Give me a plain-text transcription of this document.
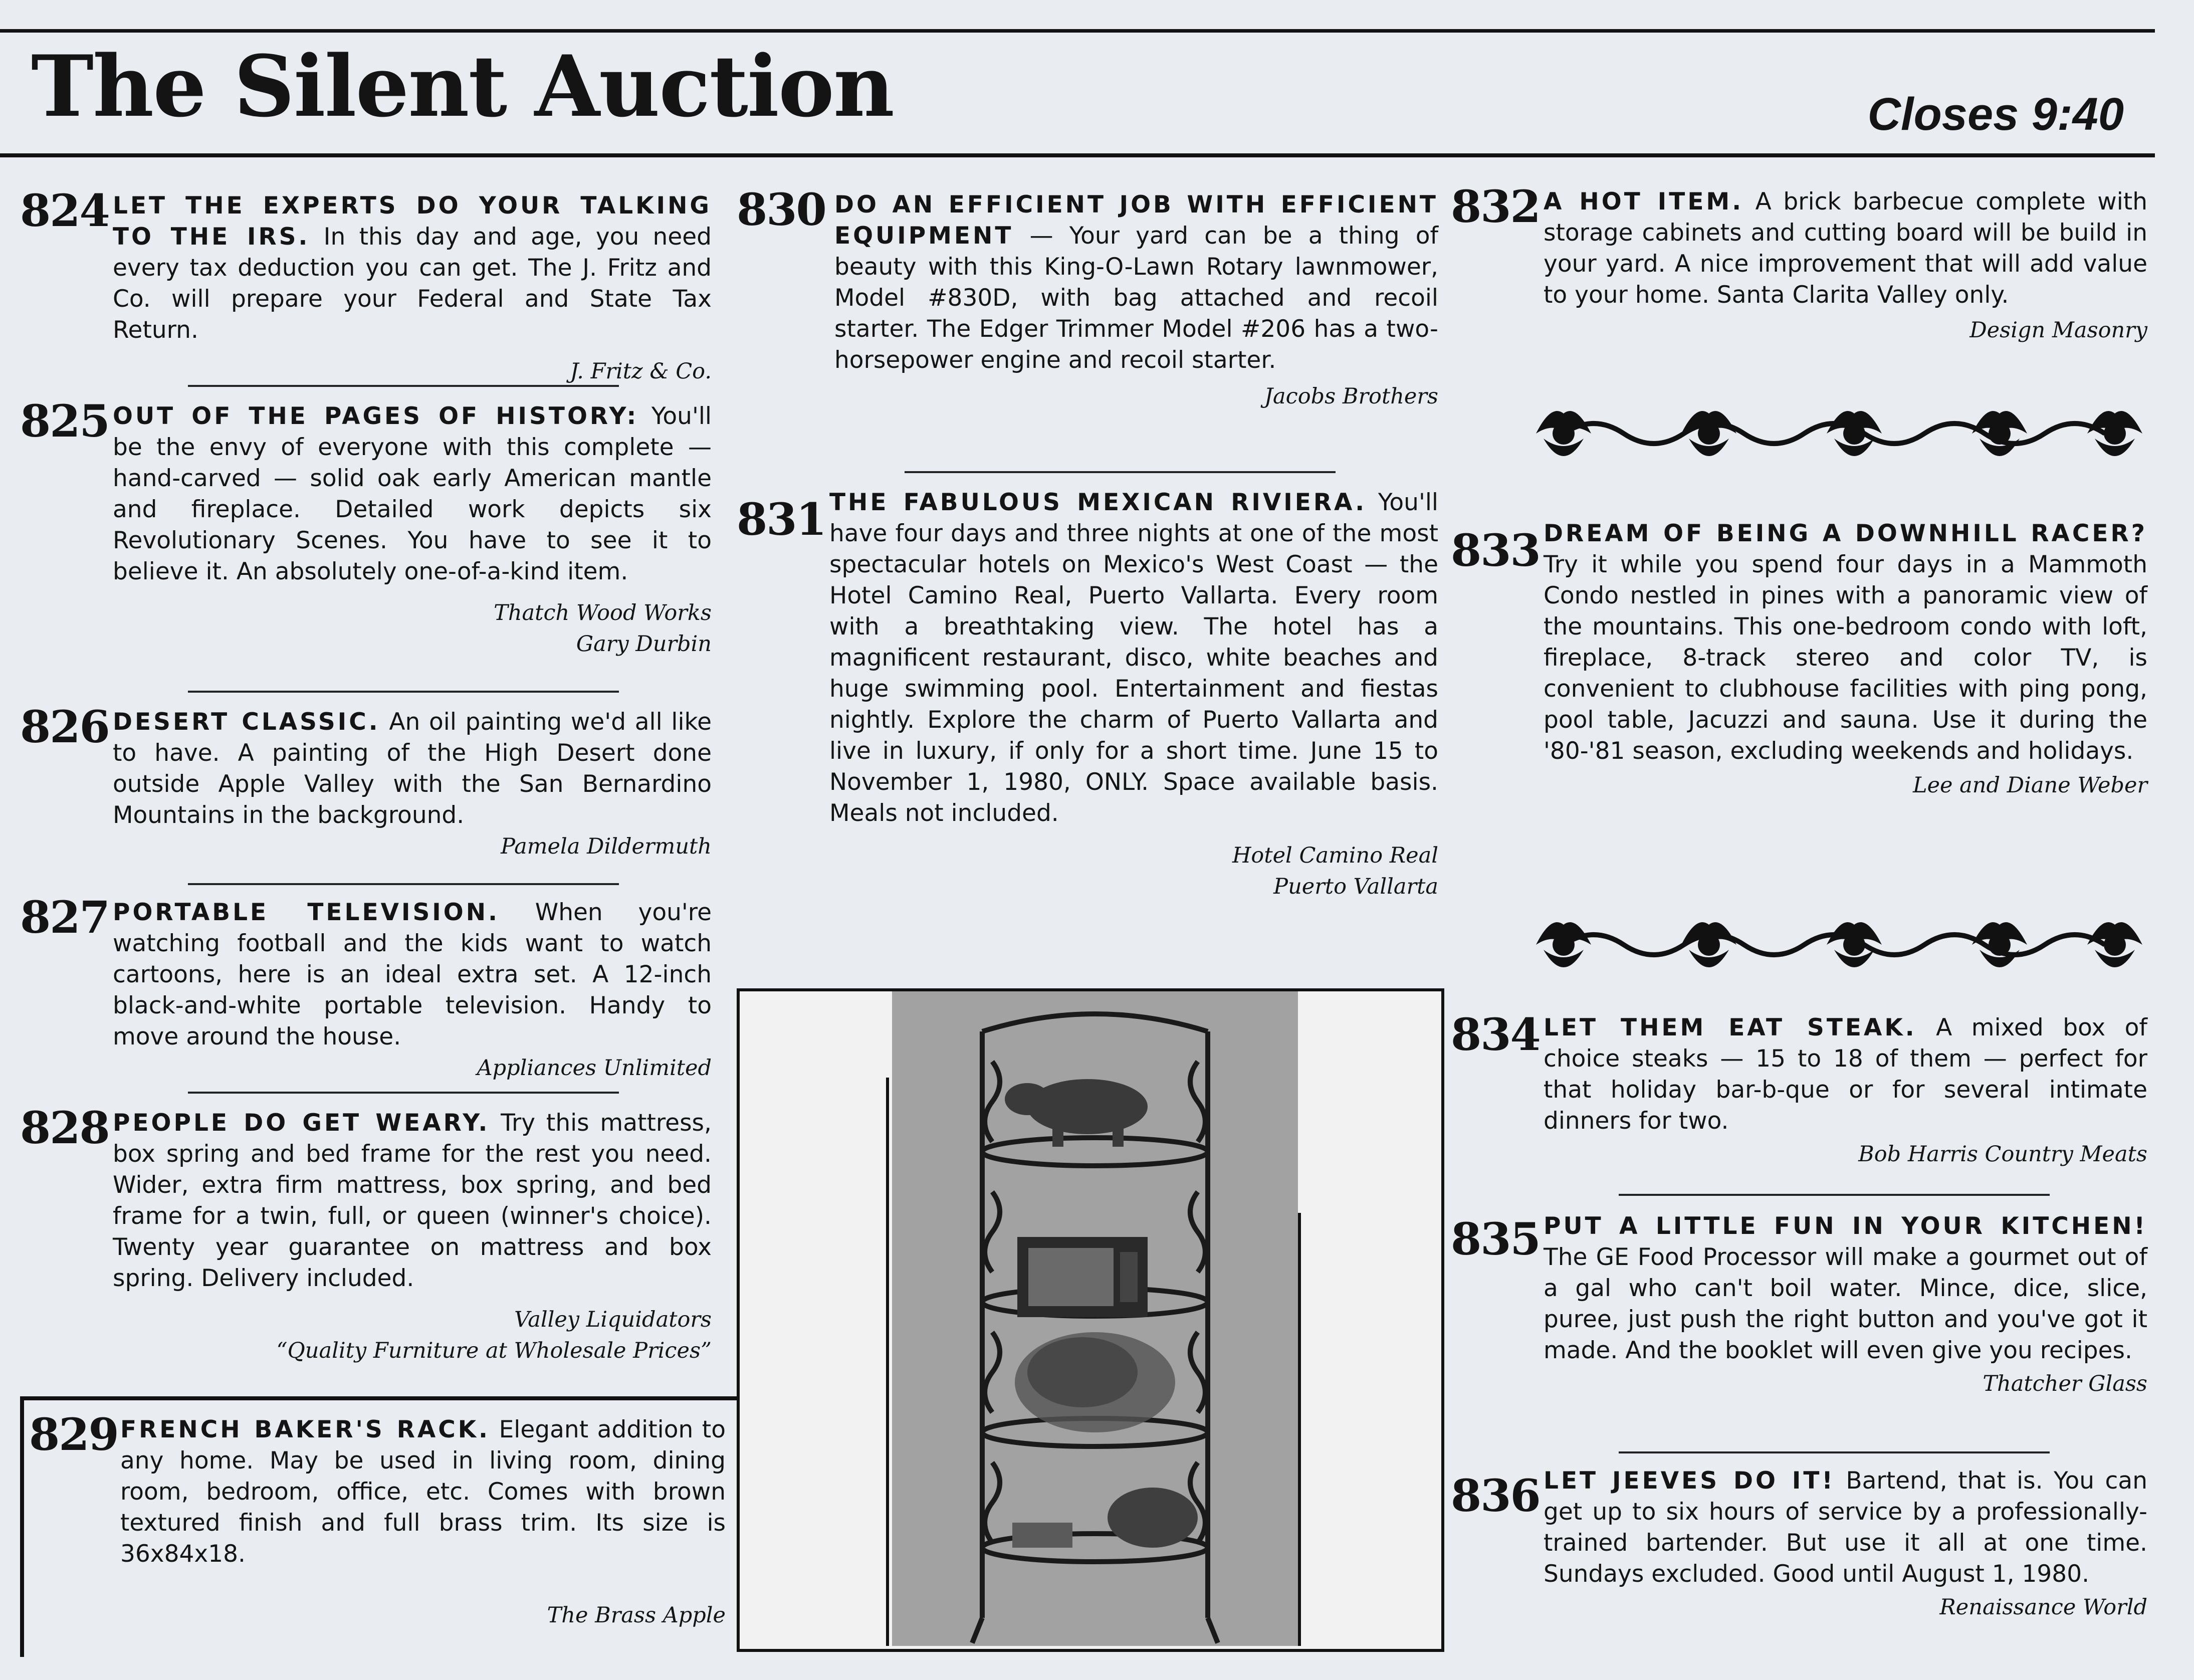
The Silent Auction	Closes 9:40
824 LET THE EXPERTS DO YOUR TALKING TO THE IRS. In this day and age, you need every tax deduction you can get. The J. Fritz and Co. will prepare your Federal and State Tax Return.
J. Fritz & Co.
825 OUT OF THE PAGES OF HISTORY: You'll be the envy of everyone with this complete — hand-carved — solid oak early American mantle and fireplace. Detailed work depicts six Revolutionary Scenes. You have to see it to believe it. An absolutely one-of-a-kind item.
Thatch Wood Works
Gary Durbin
826 DESERT CLASSIC. An oil painting we'd all like to have. A painting of the High Desert done outside Apple Valley with the San Bernardino Mountains in the background.
Pamela Dildermuth
827 PORTABLE TELEVISION. When you're watching football and the kids want to watch cartoons, here is an ideal extra set. A 12-inch black-and-white portable television. Handy to move around the house.
Appliances Unlimited
828 PEOPLE DO GET WEARY. Try this mattress, box spring and bed frame for the rest you need. Wider, extra firm mattress, box spring, and bed frame for a twin, full, or queen (winner's choice). Twenty year guarantee on mattress and box spring. Delivery included.
Valley Liquidators
“Quality Furniture at Wholesale Prices”
829 FRENCH BAKER'S RACK. Elegant addition to any home. May be used in living room, dining room, bedroom, office, etc. Comes with brown textured finish and full brass trim. Its size is 36x84x18.
The Brass Apple
830 DO AN EFFICIENT JOB WITH EFFICIENT EQUIPMENT — Your yard can be a thing of beauty with this King-O-Lawn Rotary lawnmower, Model #830D, with bag attached and recoil starter. The Edger Trimmer Model #206 has a two-horsepower engine and recoil starter.
Jacobs Brothers
831 THE FABULOUS MEXICAN RIVIERA. You'll have four days and three nights at one of the most spectacular hotels on Mexico's West Coast — the Hotel Camino Real, Puerto Vallarta. Every room with a breathtaking view. The hotel has a magnificent restaurant, disco, white beaches and huge swimming pool. Entertainment and fiestas nightly. Explore the charm of Puerto Vallarta and live in luxury, if only for a short time. June 15 to November 1, 1980, ONLY. Space available basis. Meals not included.
Hotel Camino Real
Puerto Vallarta
832 A HOT ITEM. A brick barbecue complete with storage cabinets and cutting board will be build in your yard. A nice improvement that will add value to your home. Santa Clarita Valley only.
Design Masonry
833 DREAM OF BEING A DOWNHILL RACER? Try it while you spend four days in a Mammoth Condo nestled in pines with a panoramic view of the mountains. This one-bedroom condo with loft, fireplace, 8-track stereo and color TV, is convenient to clubhouse facilities with ping pong, pool table, Jacuzzi and sauna. Use it during the '80-'81 season, excluding weekends and holidays.
Lee and Diane Weber
834 LET THEM EAT STEAK. A mixed box of choice steaks — 15 to 18 of them — perfect for that holiday bar-b-que or for several intimate dinners for two.
Bob Harris Country Meats
835 PUT A LITTLE FUN IN YOUR KITCHEN! The GE Food Processor will make a gourmet out of a gal who can't boil water. Mince, dice, slice, puree, just push the right button and you've got it made. And the booklet will even give you recipes.
Thatcher Glass
836 LET JEEVES DO IT! Bartend, that is. You can get up to six hours of service by a professionally-trained bartender. But use it all at one time. Sundays excluded. Good until August 1, 1980.
Renaissance World
